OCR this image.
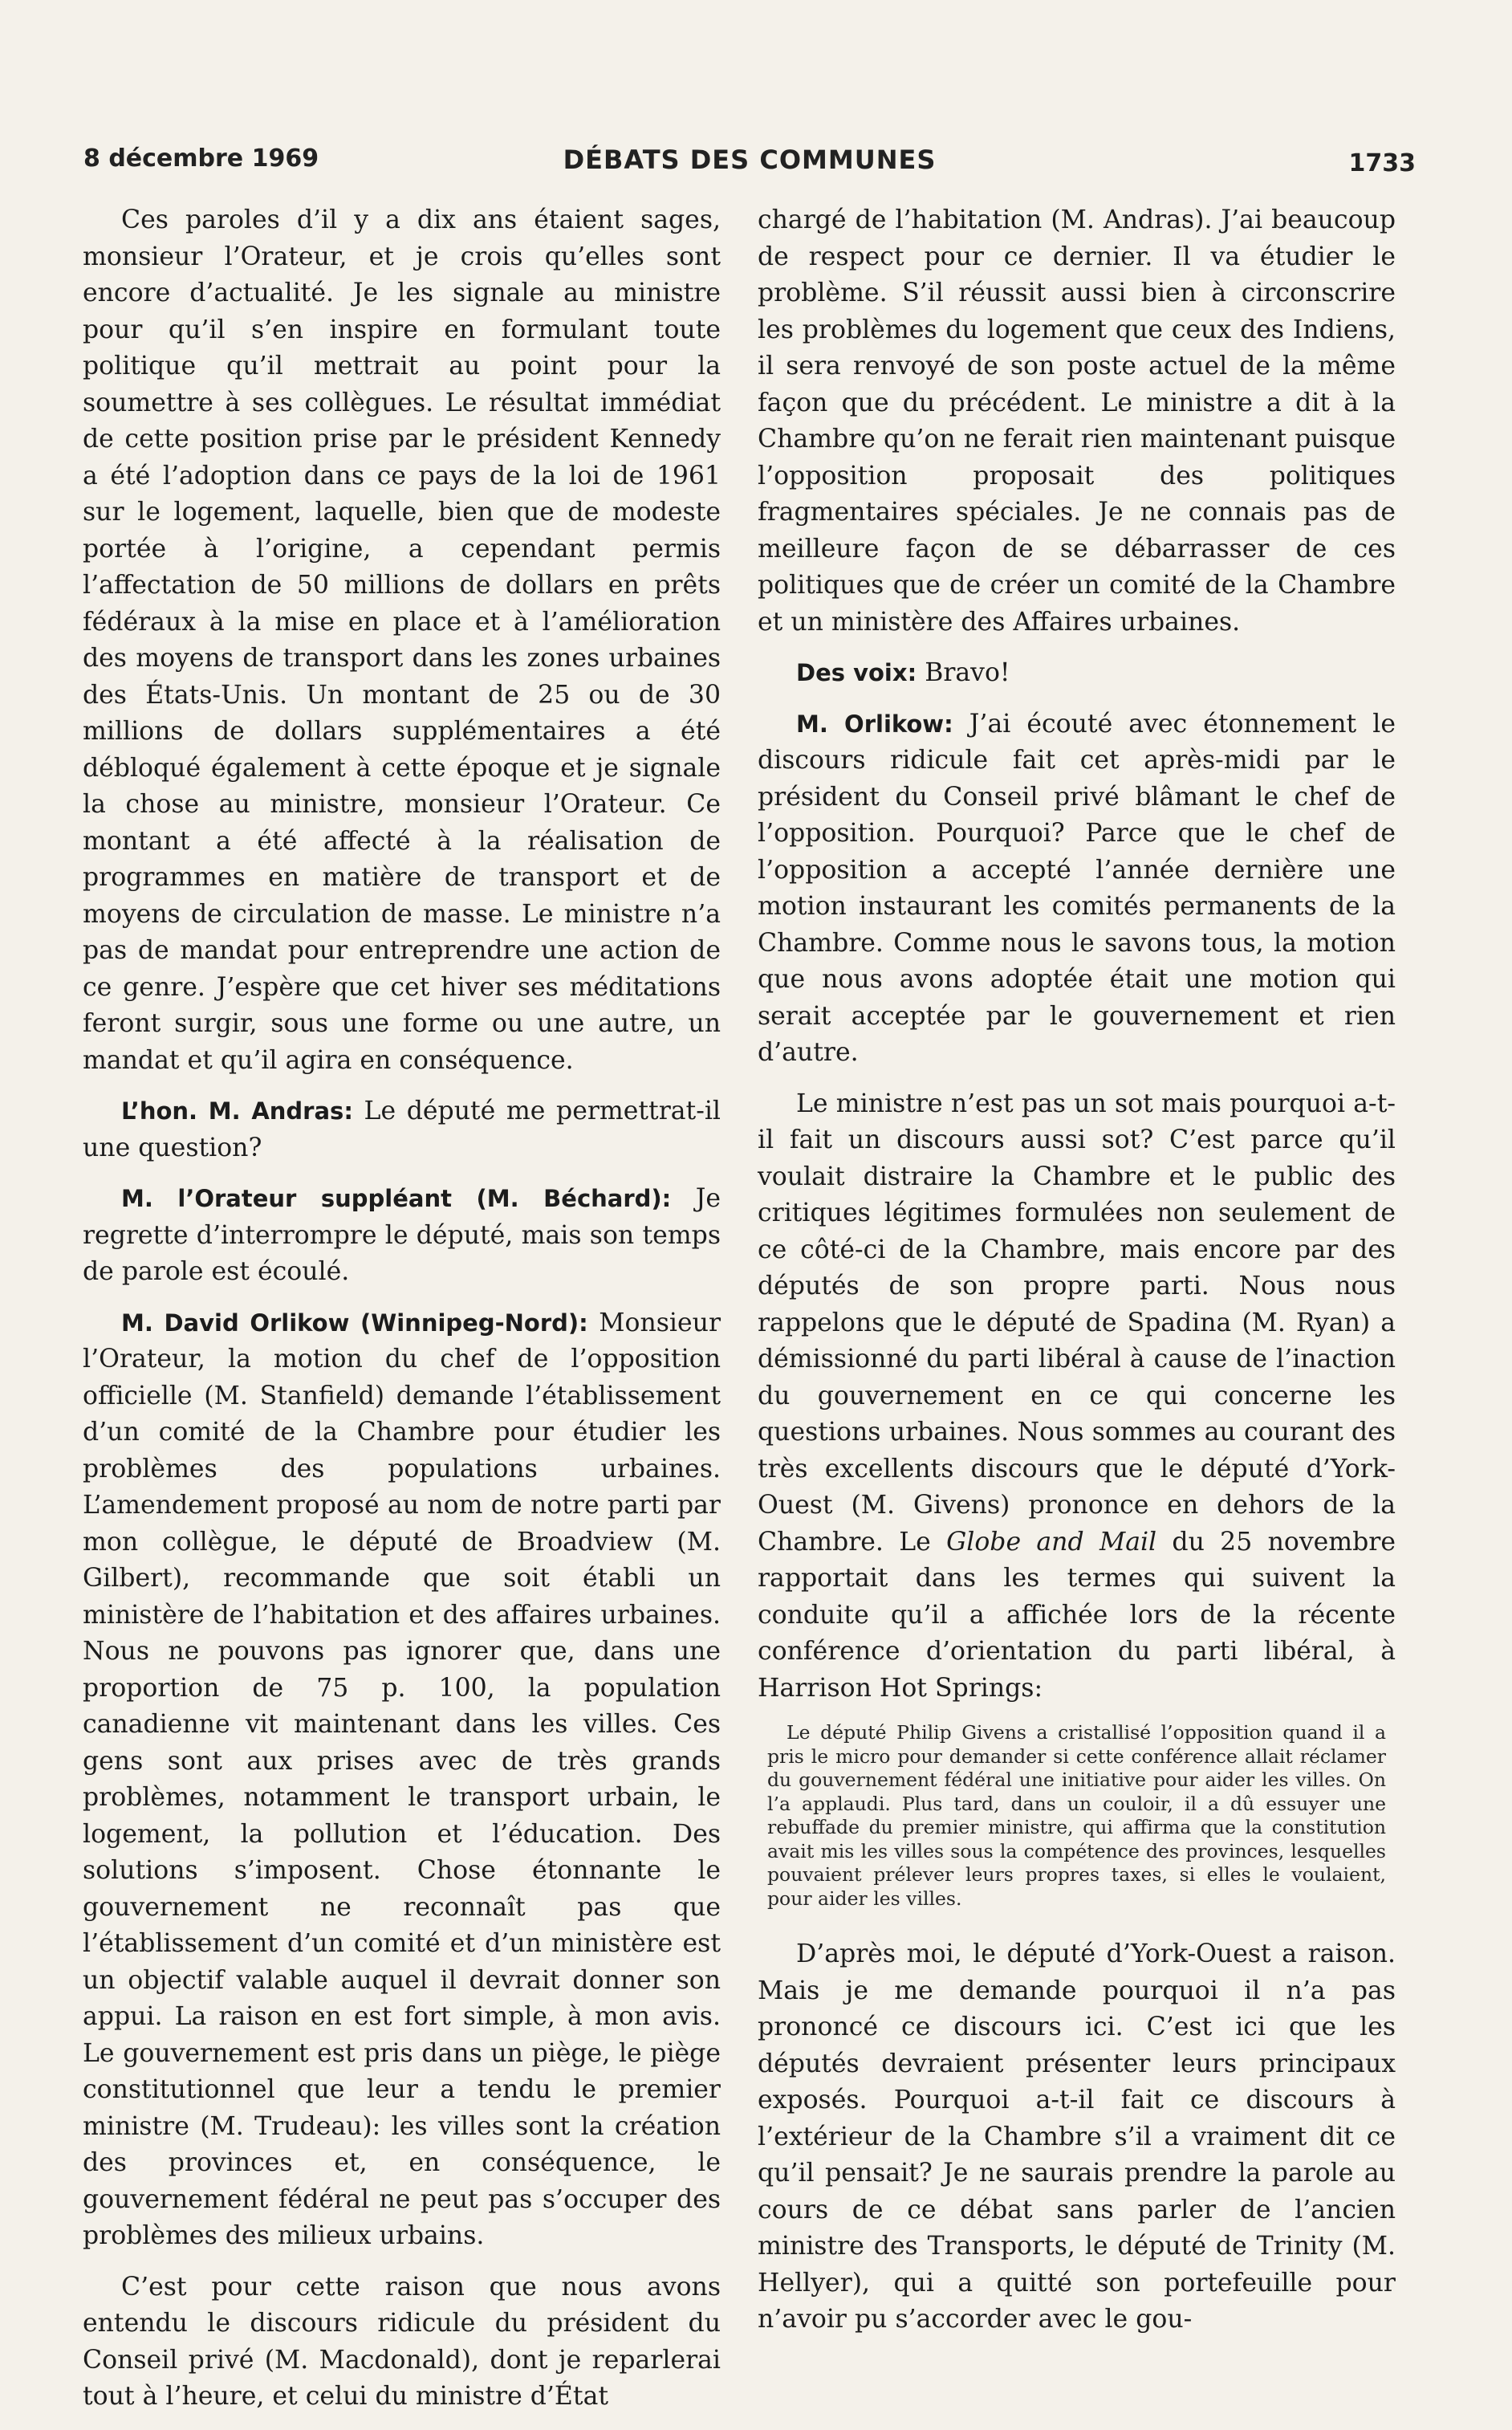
8 décembre 1969	DÉBATS DES COMMUNES	1733

Ces paroles d’il y a dix ans étaient sages, monsieur l’Orateur, et je crois qu’elles sont encore d’actualité. Je les signale au ministre pour qu’il s’en inspire en formulant toute politique qu’il mettrait au point pour la soumettre à ses collègues. Le résultat immédiat de cette position prise par le président Kennedy a été l’adoption dans ce pays de la loi de 1961 sur le logement, laquelle, bien que de modeste portée à l’origine, a cependant permis l’affectation de 50 millions de dollars en prêts fédéraux à la mise en place et à l’amélioration des moyens de transport dans les zones urbaines des États-Unis. Un montant de 25 ou de 30 millions de dollars supplémentaires a été débloqué également à cette époque et je signale la chose au ministre, monsieur l’Orateur. Ce montant a été affecté à la réalisation de programmes en matière de transport et de moyens de circulation de masse. Le ministre n’a pas de mandat pour entreprendre une action de ce genre. J’espère que cet hiver ses méditations feront surgir, sous une forme ou une autre, un mandat et qu’il agira en conséquence.

L’hon. M. Andras: Le député me permettrat-il une question?

M. l’Orateur suppléant (M. Béchard): Je regrette d’interrompre le député, mais son temps de parole est écoulé.

M. David Orlikow (Winnipeg-Nord): Monsieur l’Orateur, la motion du chef de l’opposition officielle (M. Stanfield) demande l’établissement d’un comité de la Chambre pour étudier les problèmes des populations urbaines. L’amendement proposé au nom de notre parti par mon collègue, le député de Broadview (M. Gilbert), recommande que soit établi un ministère de l’habitation et des affaires urbaines. Nous ne pouvons pas ignorer que, dans une proportion de 75 p. 100, la population canadienne vit maintenant dans les villes. Ces gens sont aux prises avec de très grands problèmes, notamment le transport urbain, le logement, la pollution et l’éducation. Des solutions s’imposent. Chose étonnante le gouvernement ne reconnaît pas que l’établissement d’un comité et d’un ministère est un objectif valable auquel il devrait donner son appui. La raison en est fort simple, à mon avis. Le gouvernement est pris dans un piège, le piège constitutionnel que leur a tendu le premier ministre (M. Trudeau): les villes sont la création des provinces et, en conséquence, le gouvernement fédéral ne peut pas s’occuper des problèmes des milieux urbains.

C’est pour cette raison que nous avons entendu le discours ridicule du président du Conseil privé (M. Macdonald), dont je reparlerai tout à l’heure, et celui du ministre d’État

chargé de l’habitation (M. Andras). J’ai beaucoup de respect pour ce dernier. Il va étudier le problème. S’il réussit aussi bien à circonscrire les problèmes du logement que ceux des Indiens, il sera renvoyé de son poste actuel de la même façon que du précédent. Le ministre a dit à la Chambre qu’on ne ferait rien maintenant puisque l’opposition proposait des politiques fragmentaires spéciales. Je ne connais pas de meilleure façon de se débarrasser de ces politiques que de créer un comité de la Chambre et un ministère des Affaires urbaines.

Des voix: Bravo!

M. Orlikow: J’ai écouté avec étonnement le discours ridicule fait cet après-midi par le président du Conseil privé blâmant le chef de l’opposition. Pourquoi? Parce que le chef de l’opposition a accepté l’année dernière une motion instaurant les comités permanents de la Chambre. Comme nous le savons tous, la motion que nous avons adoptée était une motion qui serait acceptée par le gouvernement et rien d’autre.

Le ministre n’est pas un sot mais pourquoi a-t-il fait un discours aussi sot? C’est parce qu’il voulait distraire la Chambre et le public des critiques légitimes formulées non seulement de ce côté-ci de la Chambre, mais encore par des députés de son propre parti. Nous nous rappelons que le député de Spadina (M. Ryan) a démissionné du parti libéral à cause de l’inaction du gouvernement en ce qui concerne les questions urbaines. Nous sommes au courant des très excellents discours que le député d’York-Ouest (M. Givens) prononce en dehors de la Chambre. Le Globe and Mail du 25 novembre rapportait dans les termes qui suivent la conduite qu’il a affichée lors de la récente conférence d’orientation du parti libéral, à Harrison Hot Springs:

Le député Philip Givens a cristallisé l’opposition quand il a pris le micro pour demander si cette conférence allait réclamer du gouvernement fédéral une initiative pour aider les villes. On l’a applaudi. Plus tard, dans un couloir, il a dû essuyer une rebuffade du premier ministre, qui affirma que la constitution avait mis les villes sous la compétence des provinces, lesquelles pouvaient prélever leurs propres taxes, si elles le voulaient, pour aider les villes.

D’après moi, le député d’York-Ouest a raison. Mais je me demande pourquoi il n’a pas prononcé ce discours ici. C’est ici que les députés devraient présenter leurs principaux exposés. Pourquoi a-t-il fait ce discours à l’extérieur de la Chambre s’il a vraiment dit ce qu’il pensait? Je ne saurais prendre la parole au cours de ce débat sans parler de l’ancien ministre des Transports, le député de Trinity (M. Hellyer), qui a quitté son portefeuille pour n’avoir pu s’accorder avec le gou-
